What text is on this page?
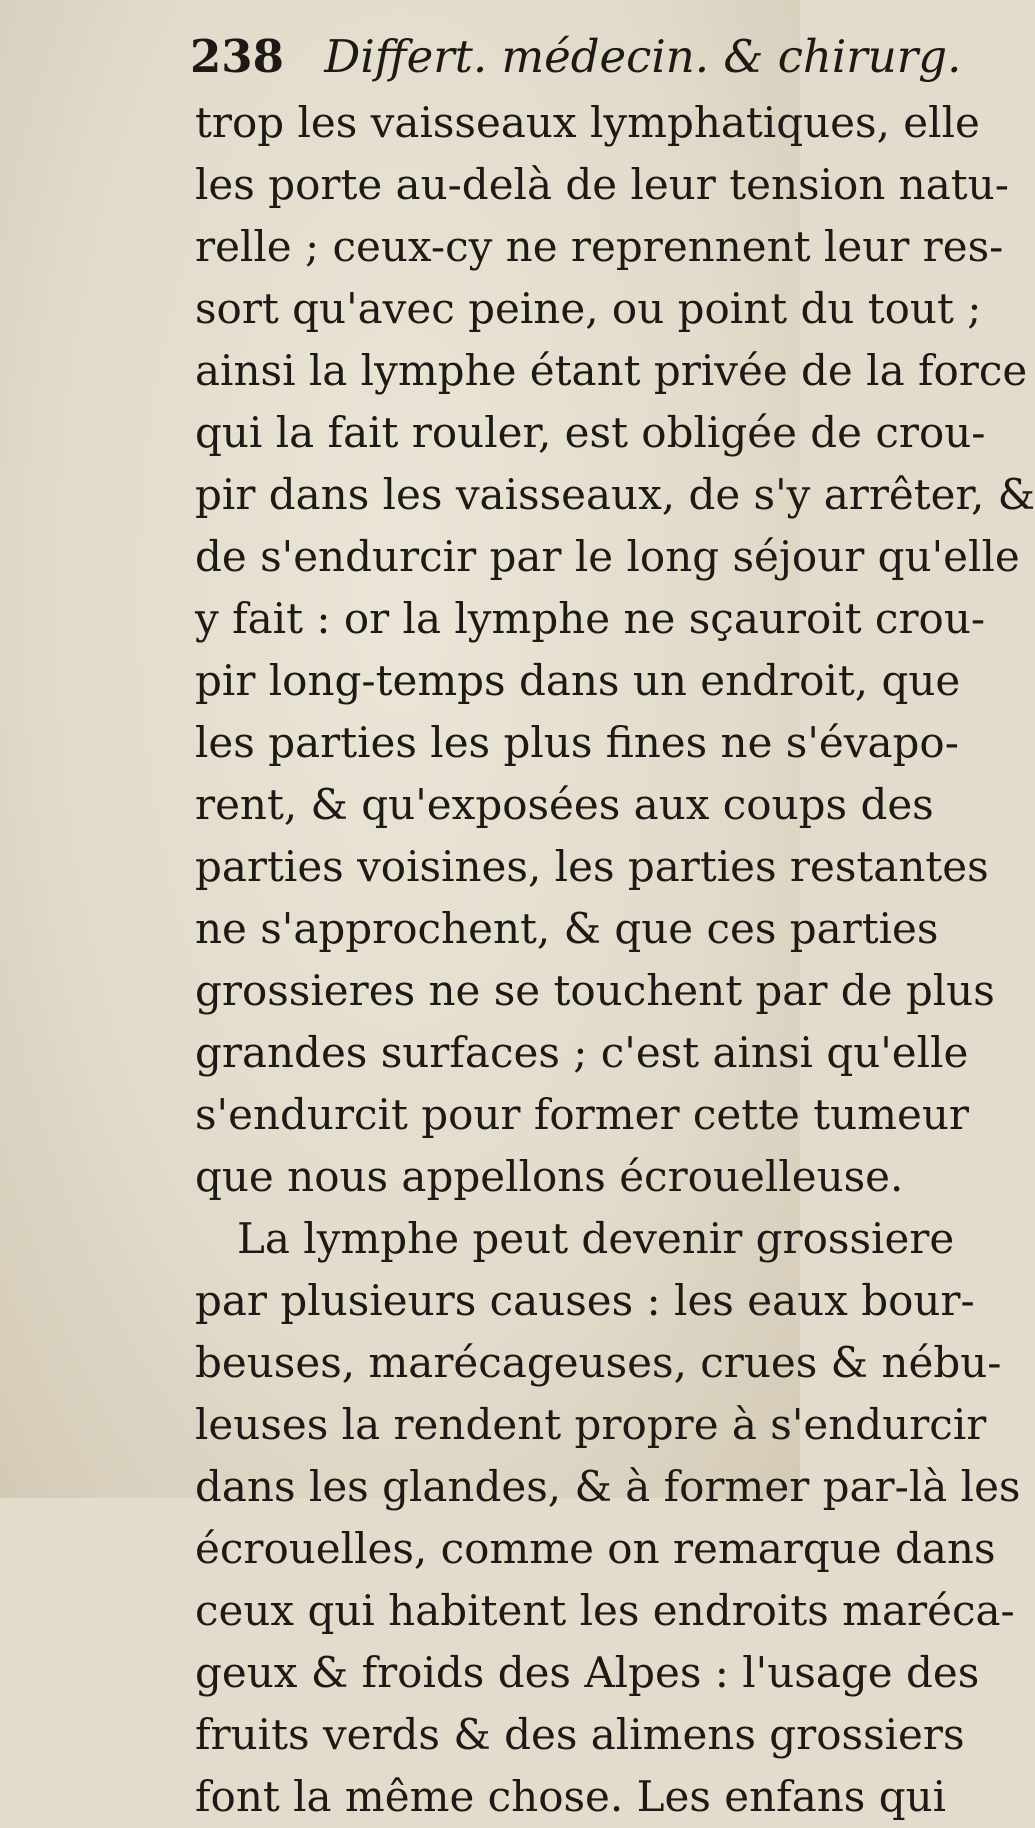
238 Differt. médecin. & chirurg.
trop les vaisseaux lymphatiques, elle
les porte au-delà de leur tension natu-
relle ; ceux-cy ne reprennent leur res-
sort qu'avec peine, ou point du tout ;
ainsi la lymphe étant privée de la force
qui la fait rouler, est obligée de crou-
pir dans les vaisseaux, de s'y arrêter, &
de s'endurcir par le long séjour qu'elle
y fait : or la lymphe ne sçauroit crou-
pir long-temps dans un endroit, que
les parties les plus fines ne s'évapo-
rent, & qu'exposées aux coups des
parties voisines, les parties restantes
ne s'approchent, & que ces parties
grossieres ne se touchent par de plus
grandes surfaces ; c'est ainsi qu'elle
s'endurcit pour former cette tumeur
que nous appellons écrouelleuse.
La lymphe peut devenir grossiere
par plusieurs causes : les eaux bour-
beuses, marécageuses, crues & nébu-
leuses la rendent propre à s'endurcir
dans les glandes, & à former par-là les
écrouelles, comme on remarque dans
ceux qui habitent les endroits maréca-
geux & froids des Alpes : l'usage des
fruits verds & des alimens grossiers
font la même chose. Les enfans qui
